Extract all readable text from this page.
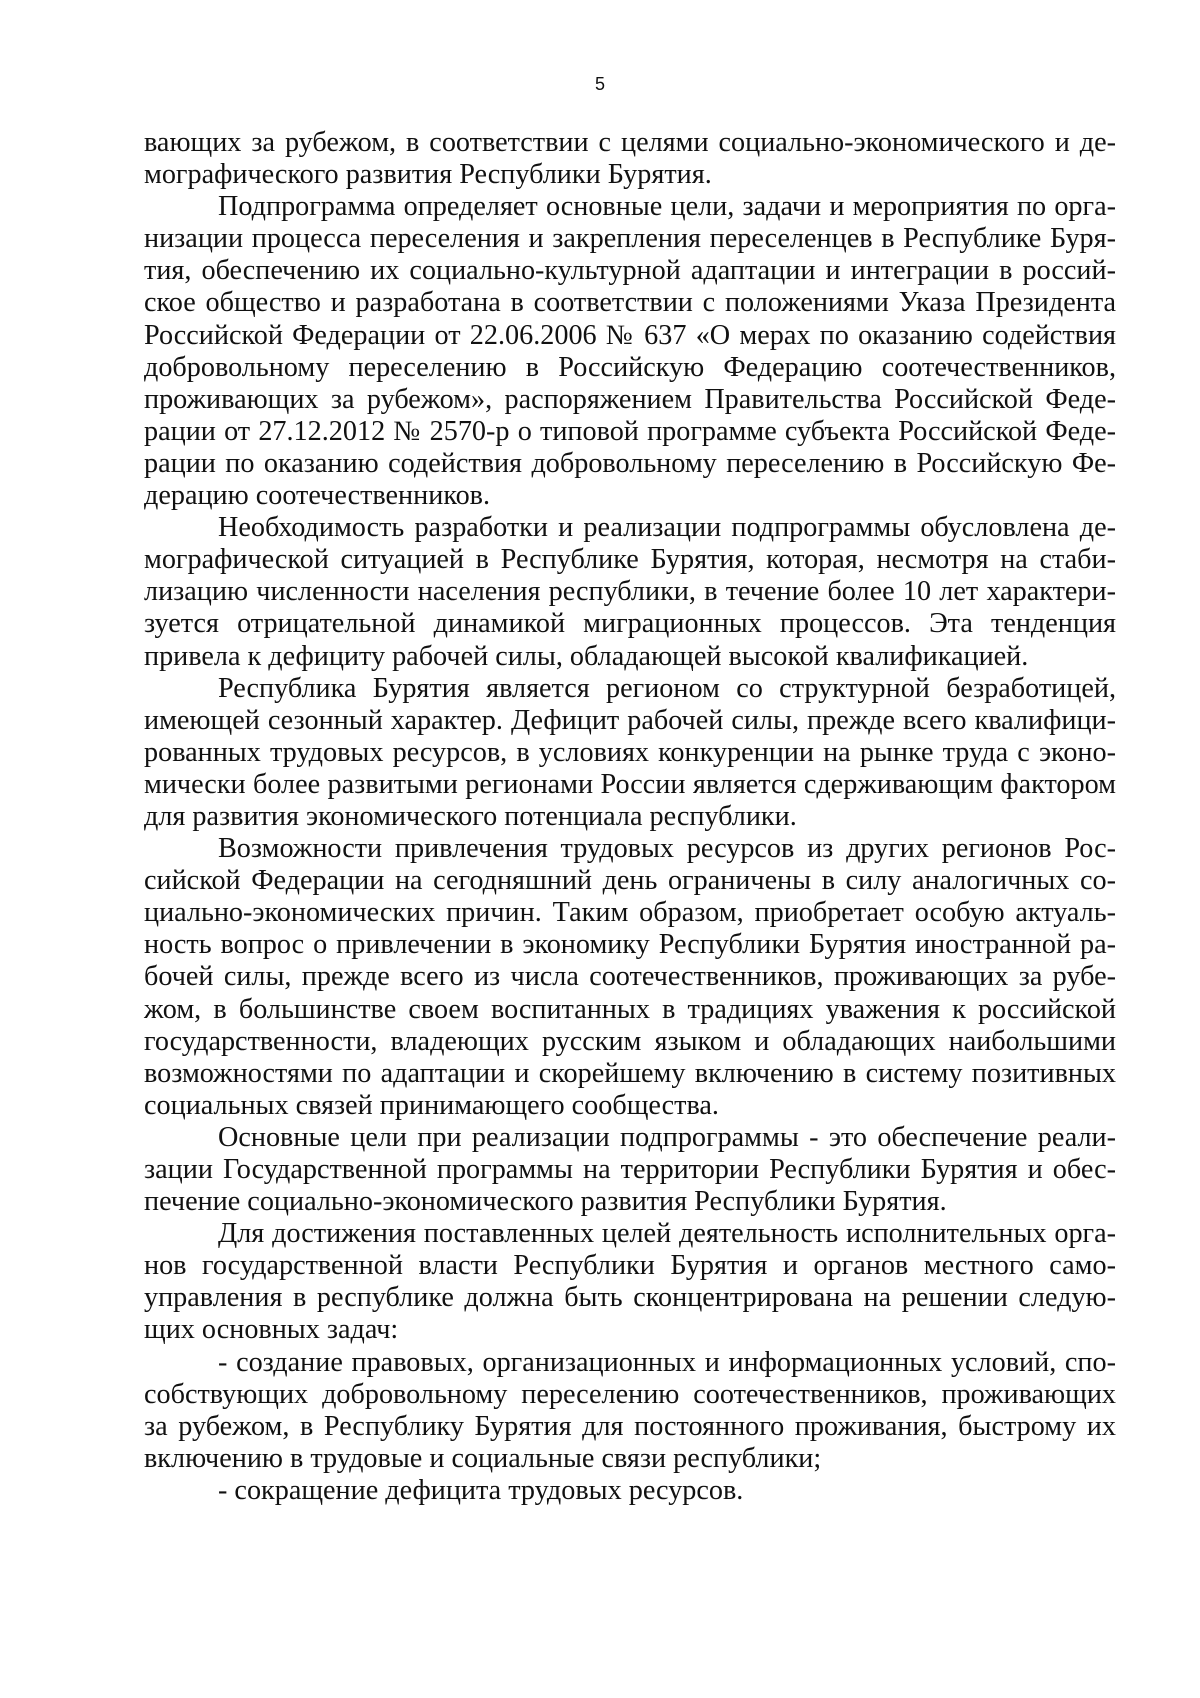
5

вающих за рубежом, в соответствии с целями социально-экономического и демографического развития Республики Бурятия.

Подпрограмма определяет основные цели, задачи и мероприятия по организации процесса переселения и закрепления переселенцев в Республике Бурятия, обеспечению их социально-культурной адаптации и интеграции в российское общество и разработана в соответствии с положениями Указа Президента Российской Федерации от 22.06.2006 № 637 «О мерах по оказанию содействия добровольному переселению в Российскую Федерацию соотечественников, проживающих за рубежом», распоряжением Правительства Российской Федерации от 27.12.2012 № 2570-р о типовой программе субъекта Российской Федерации по оказанию содействия добровольному переселению в Российскую Федерацию соотечественников.

Необходимость разработки и реализации подпрограммы обусловлена демографической ситуацией в Республике Бурятия, которая, несмотря на стабилизацию численности населения республики, в течение более 10 лет характеризуется отрицательной динамикой миграционных процессов. Эта тенденция привела к дефициту рабочей силы, обладающей высокой квалификацией.

Республика Бурятия является регионом со структурной безработицей, имеющей сезонный характер. Дефицит рабочей силы, прежде всего квалифицированных трудовых ресурсов, в условиях конкуренции на рынке труда с экономически более развитыми регионами России является сдерживающим фактором для развития экономического потенциала республики.

Возможности привлечения трудовых ресурсов из других регионов Российской Федерации на сегодняшний день ограничены в силу аналогичных социально-экономических причин. Таким образом, приобретает особую актуальность вопрос о привлечении в экономику Республики Бурятия иностранной рабочей силы, прежде всего из числа соотечественников, проживающих за рубежом, в большинстве своем воспитанных в традициях уважения к российской государственности, владеющих русским языком и обладающих наибольшими возможностями по адаптации и скорейшему включению в систему позитивных социальных связей принимающего сообщества.

Основные цели при реализации подпрограммы - это обеспечение реализации Государственной программы на территории Республики Бурятия и обеспечение социально-экономического развития Республики Бурятия.

Для достижения поставленных целей деятельность исполнительных органов государственной власти Республики Бурятия и органов местного самоуправления в республике должна быть сконцентрирована на решении следующих основных задач:

- создание правовых, организационных и информационных условий, способствующих добровольному переселению соотечественников, проживающих за рубежом, в Республику Бурятия для постоянного проживания, быстрому их включению в трудовые и социальные связи республики;

- сокращение дефицита трудовых ресурсов.
